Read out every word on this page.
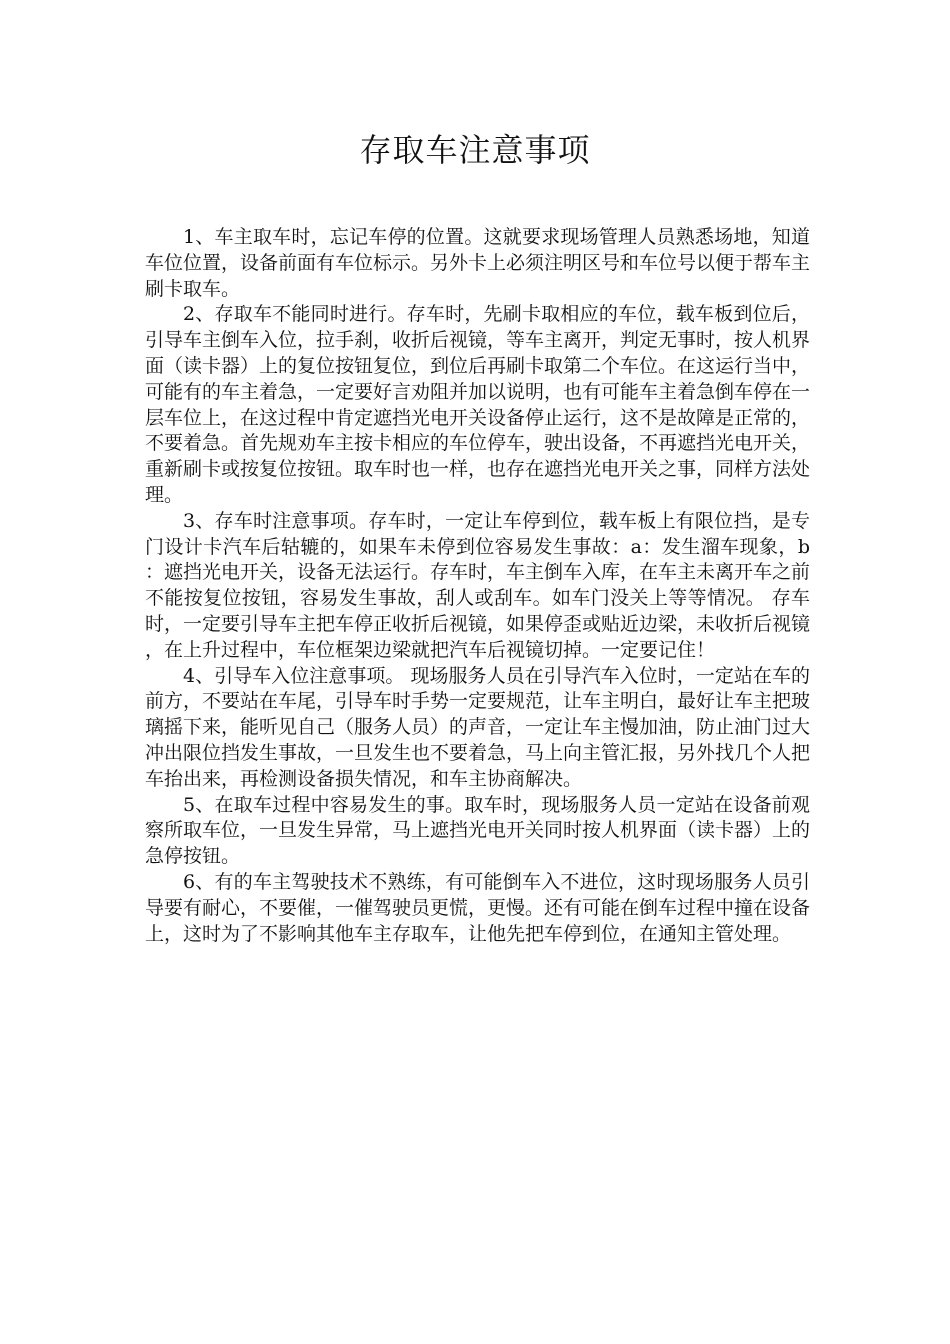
存取车注意事项

1、车主取车时，忘记车停的位置。这就要求现场管理人员熟悉场地，知道车位位置，设备前面有车位标示。另外卡上必须注明区号和车位号以便于帮车主刷卡取车。

2、存取车不能同时进行。存车时，先刷卡取相应的车位，载车板到位后，引导车主倒车入位，拉手刹，收折后视镜，等车主离开，判定无事时，按人机界面（读卡器）上的复位按钮复位，到位后再刷卡取第二个车位。在这运行当中，可能有的车主着急，一定要好言劝阻并加以说明，也有可能车主着急倒车停在一层车位上，在这过程中肯定遮挡光电开关设备停止运行，这不是故障是正常的，不要着急。首先规劝车主按卡相应的车位停车，驶出设备，不再遮挡光电开关，重新刷卡或按复位按钮。取车时也一样，也存在遮挡光电开关之事，同样方法处理。

3、存车时注意事项。存车时，一定让车停到位，载车板上有限位挡，是专门设计卡汽车后轱辘的，如果车未停到位容易发生事故：a：发生溜车现象，b：遮挡光电开关，设备无法运行。存车时，车主倒车入库，在车主未离开车之前不能按复位按钮，容易发生事故，刮人或刮车。如车门没关上等等情况。 存车时，一定要引导车主把车停正收折后视镜，如果停歪或贴近边梁，未收折后视镜，在上升过程中，车位框架边梁就把汽车后视镜切掉。一定要记住！

4、引导车入位注意事项。 现场服务人员在引导汽车入位时，一定站在车的前方，不要站在车尾，引导车时手势一定要规范，让车主明白，最好让车主把玻璃摇下来，能听见自己（服务人员）的声音，一定让车主慢加油，防止油门过大冲出限位挡发生事故，一旦发生也不要着急，马上向主管汇报，另外找几个人把车抬出来，再检测设备损失情况，和车主协商解决。

5、在取车过程中容易发生的事。取车时，现场服务人员一定站在设备前观察所取车位，一旦发生异常，马上遮挡光电开关同时按人机界面（读卡器）上的急停按钮。

6、有的车主驾驶技术不熟练，有可能倒车入不进位，这时现场服务人员引导要有耐心，不要催，一催驾驶员更慌，更慢。还有可能在倒车过程中撞在设备上，这时为了不影响其他车主存取车，让他先把车停到位，在通知主管处理。
